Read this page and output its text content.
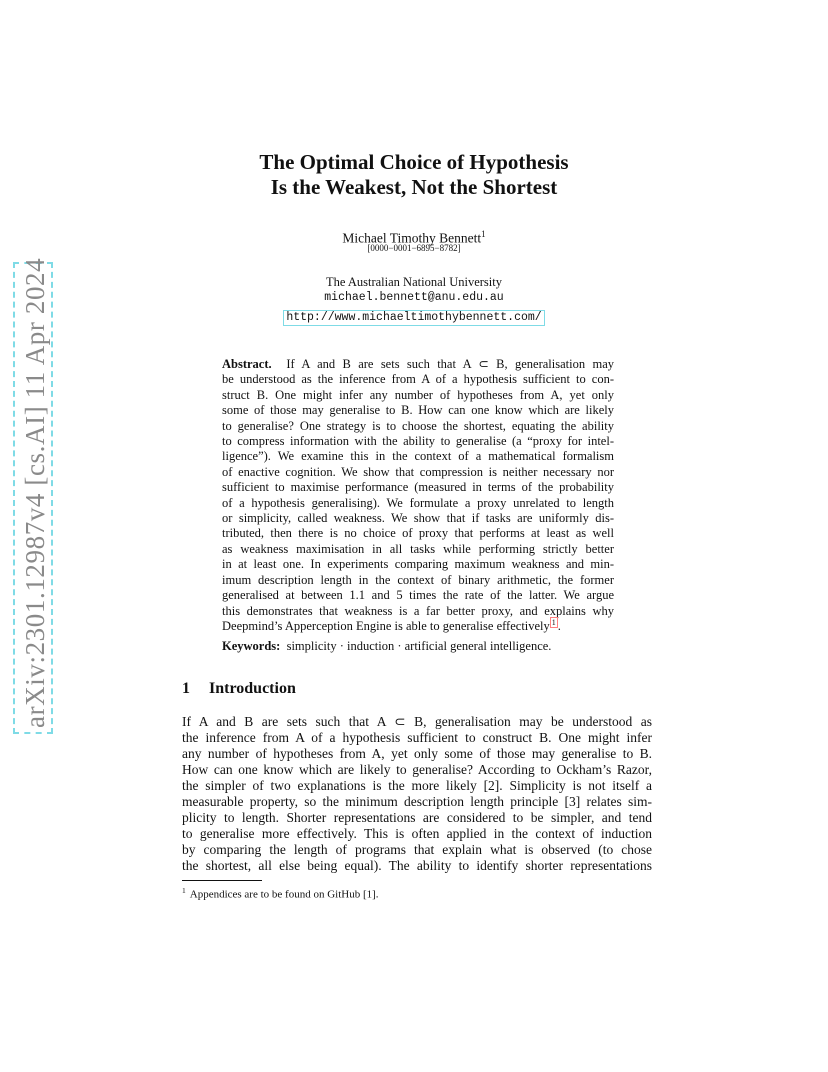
arXiv:2301.12987v4 [cs.AI] 11 Apr 2024
The Optimal Choice of Hypothesis
Is the Weakest, Not the Shortest
Michael Timothy Bennett$^1$
[0000−0001−6895−8782]
The Australian National University
michael.bennett@anu.edu.au
http://www.michaeltimothybennett.com/
Abstract. If A and B are sets such that A ⊂ B, generalisation may
be understood as the inference from A of a hypothesis sufficient to con-
struct B. One might infer any number of hypotheses from A, yet only
some of those may generalise to B. How can one know which are likely
to generalise? One strategy is to choose the shortest, equating the ability
to compress information with the ability to generalise (a “proxy for intel-
ligence”). We examine this in the context of a mathematical formalism
of enactive cognition. We show that compression is neither necessary nor
sufficient to maximise performance (measured in terms of the probability
of a hypothesis generalising). We formulate a proxy unrelated to length
or simplicity, called weakness. We show that if tasks are uniformly dis-
tributed, then there is no choice of proxy that performs at least as well
as weakness maximisation in all tasks while performing strictly better
in at least one. In experiments comparing maximum weakness and min-
imum description length in the context of binary arithmetic, the former
generalised at between 1.1 and 5 times the rate of the latter. We argue
this demonstrates that weakness is a far better proxy, and explains why
Deepmind’s Apperception Engine is able to generalise effectively $^1$ .
Keywords: simplicity · induction · artificial general intelligence.
1 Introduction
If A and B are sets such that A ⊂ B, generalisation may be understood as
the inference from A of a hypothesis sufficient to construct B. One might infer
any number of hypotheses from A, yet only some of those may generalise to B.
How can one know which are likely to generalise? According to Ockham’s Razor,
the simpler of two explanations is the more likely [2]. Simplicity is not itself a
measurable property, so the minimum description length principle [3] relates sim-
plicity to length. Shorter representations are considered to be simpler, and tend
to generalise more effectively. This is often applied in the context of induction
by comparing the length of programs that explain what is observed (to chose
the shortest, all else being equal). The ability to identify shorter representations
$^1$ Appendices are to be found on GitHub [1].
